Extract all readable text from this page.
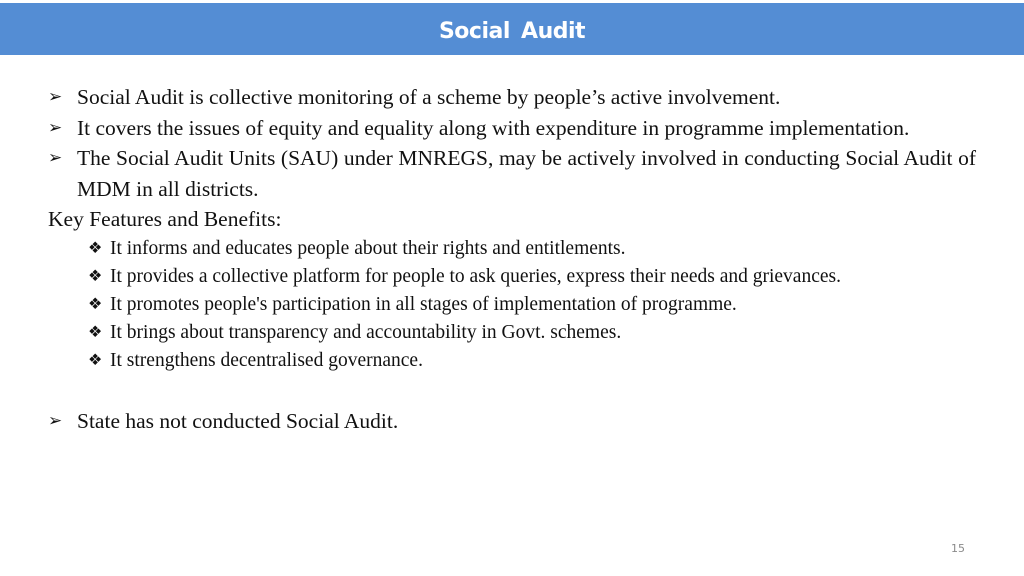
Social Audit
➢ Social Audit is collective monitoring of a scheme by people’s active involvement.
➢ It covers the issues of equity and equality along with expenditure in programme implementation.
➢ The Social Audit Units (SAU) under MNREGS, may be actively involved in conducting Social Audit of MDM in all districts.
Key Features and Benefits:
❖ It informs and educates people about their rights and entitlements.
❖ It provides a collective platform for people to ask queries, express their needs and grievances.
❖ It promotes people's participation in all stages of implementation of programme.
❖ It brings about transparency and accountability in Govt. schemes.
❖ It strengthens decentralised governance.
➢ State has not conducted Social Audit.
15
